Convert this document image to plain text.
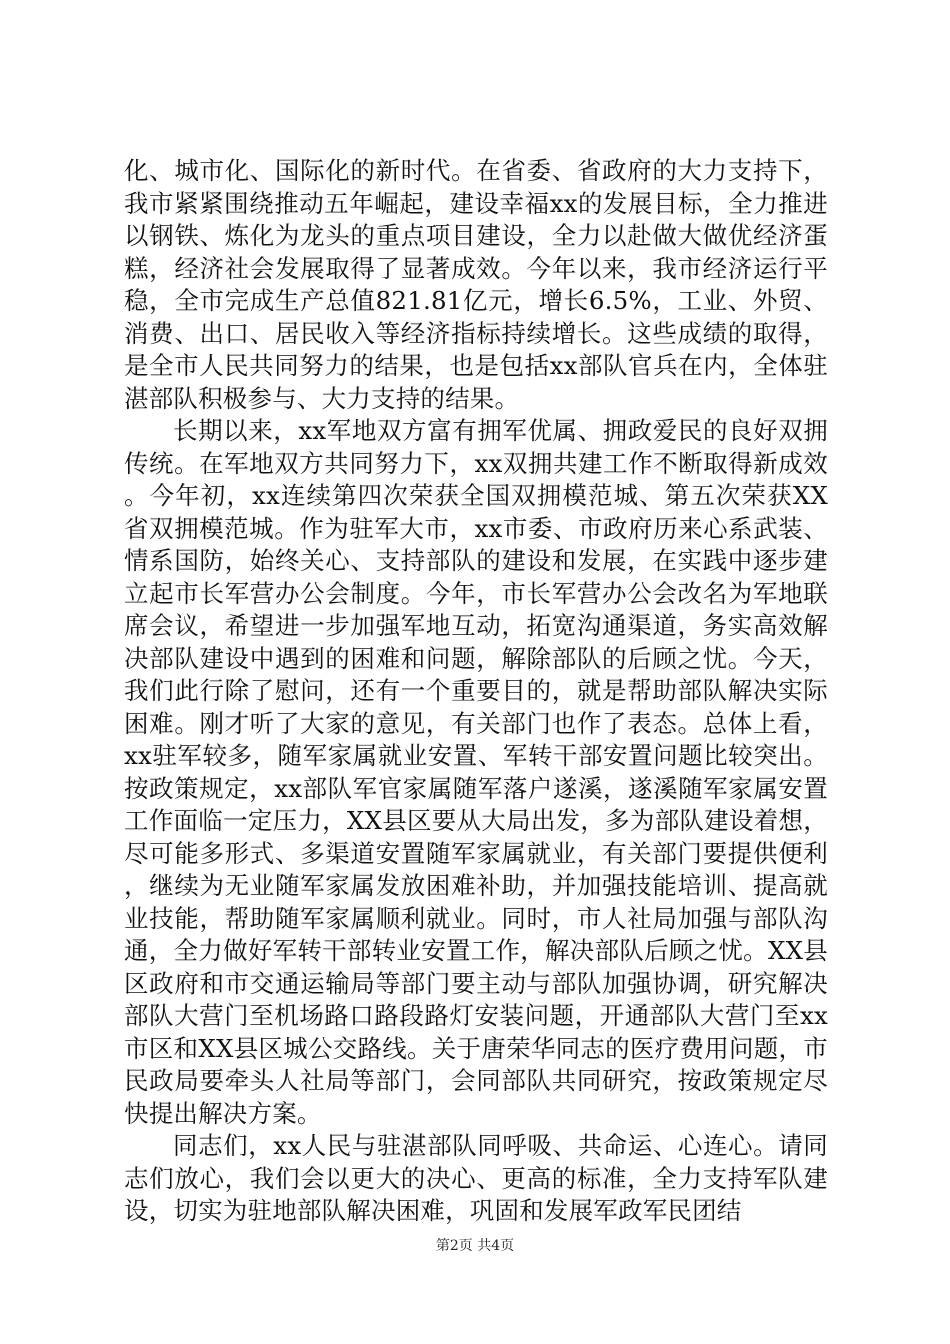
化、城市化、国际化的新时代。在省委、省政府的大力支持下，我市紧紧围绕推动五年崛起，建设幸福xx的发展目标，全力推进以钢铁、炼化为龙头的重点项目建设，全力以赴做大做优经济蛋糕，经济社会发展取得了显著成效。今年以来，我市经济运行平稳，全市完成生产总值821.81亿元，增长6.5%，工业、外贸、消费、出口、居民收入等经济指标持续增长。这些成绩的取得，是全市人民共同努力的结果，也是包括xx部队官兵在内，全体驻湛部队积极参与、大力支持的结果。

长期以来，xx军地双方富有拥军优属、拥政爱民的良好双拥传统。在军地双方共同努力下，xx双拥共建工作不断取得新成效。今年初，xx连续第四次荣获全国双拥模范城、第五次荣获XX省双拥模范城。作为驻军大市，xx市委、市政府历来心系武装、情系国防，始终关心、支持部队的建设和发展，在实践中逐步建立起市长军营办公会制度。今年，市长军营办公会改名为军地联席会议，希望进一步加强军地互动，拓宽沟通渠道，务实高效解决部队建设中遇到的困难和问题，解除部队的后顾之忧。今天，我们此行除了慰问，还有一个重要目的，就是帮助部队解决实际困难。刚才听了大家的意见，有关部门也作了表态。总体上看，xx驻军较多，随军家属就业安置、军转干部安置问题比较突出。按政策规定，xx部队军官家属随军落户遂溪，遂溪随军家属安置工作面临一定压力，XX县区要从大局出发，多为部队建设着想，尽可能多形式、多渠道安置随军家属就业，有关部门要提供便利，继续为无业随军家属发放困难补助，并加强技能培训、提高就业技能，帮助随军家属顺利就业。同时，市人社局加强与部队沟通，全力做好军转干部转业安置工作，解决部队后顾之忧。XX县区政府和市交通运输局等部门要主动与部队加强协调，研究解决部队大营门至机场路口路段路灯安装问题，开通部队大营门至xx市区和XX县区城公交路线。关于唐荣华同志的医疗费用问题，市民政局要牵头人社局等部门，会同部队共同研究，按政策规定尽快提出解决方案。

同志们，xx人民与驻湛部队同呼吸、共命运、心连心。请同志们放心，我们会以更大的决心、更高的标准，全力支持军队建设，切实为驻地部队解决困难，巩固和发展军政军民团结

第2页 共4页
